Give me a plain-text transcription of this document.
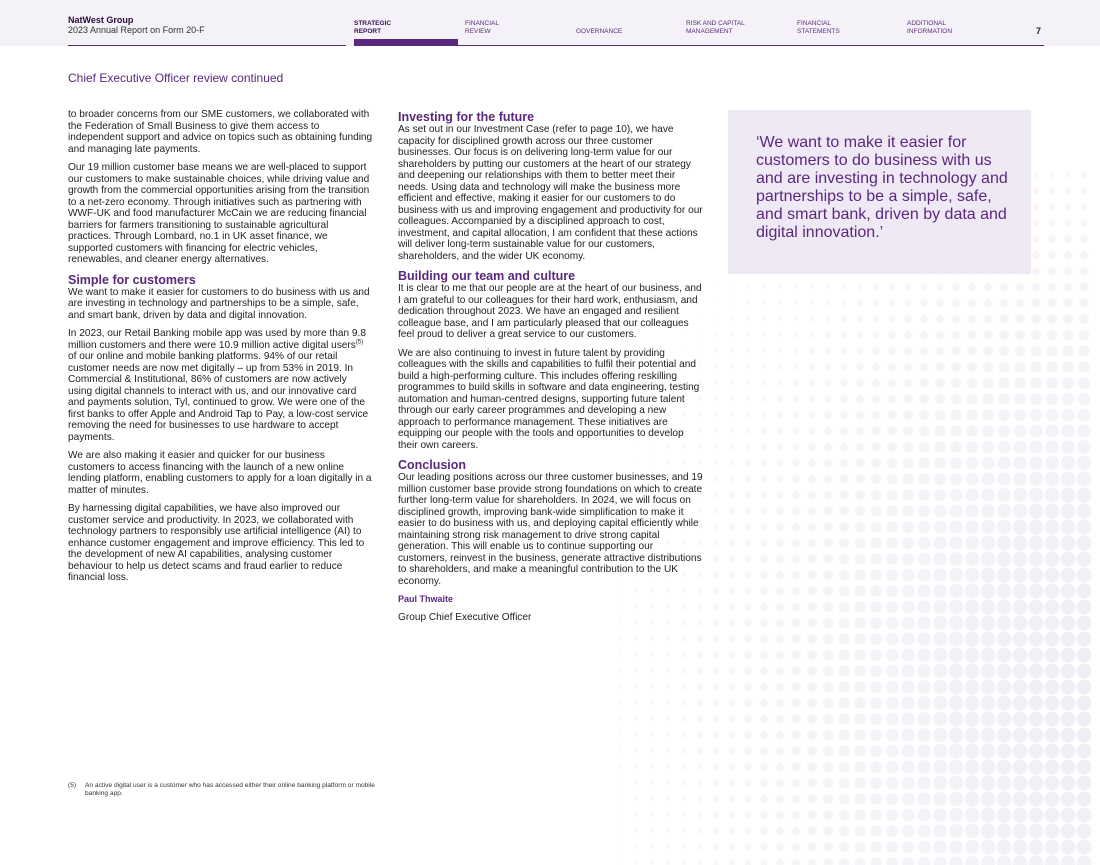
NatWest Group
2023 Annual Report on Form 20-F
STRATEGIC
REPORT
FINANCIAL
REVIEW	GOVERNANCE
RISK AND CAPITAL
MANAGEMENT
FINANCIAL
STATEMENTS
ADDITIONAL
INFORMATION	7
Chief Executive Officer review continued

to broader concerns from our SME customers, we collaborated with the Federation of Small Business to give them access to independent support and advice on topics such as obtaining funding and managing late payments.

Our 19 million customer base means we are well-placed to support our customers to make sustainable choices, while driving value and growth from the commercial opportunities arising from the transition to a net-zero economy. Through initiatives such as partnering with WWF-UK and food manufacturer McCain we are reducing financial barriers for farmers transitioning to sustainable agricultural practices. Through Lombard, no.1 in UK asset finance, we supported customers with financing for electric vehicles, renewables, and cleaner energy alternatives.

Simple for customers

We want to make it easier for customers to do business with us and are investing in technology and partnerships to be a simple, safe, and smart bank, driven by data and digital innovation.

In 2023, our Retail Banking mobile app was used by more than 9.8 million customers and there were 10.9 million active digital users$^{(5)}$ of our online and mobile banking platforms. 94% of our retail customer needs are now met digitally – up from 53% in 2019. In Commercial & Institutional, 86% of customers are now actively using digital channels to interact with us, and our innovative card and payments solution, Tyl, continued to grow. We were one of the first banks to offer Apple and Android Tap to Pay, a low-cost service removing the need for businesses to use hardware to accept payments.

We are also making it easier and quicker for our business customers to access financing with the launch of a new online lending platform, enabling customers to apply for a loan digitally in a matter of minutes.

By harnessing digital capabilities, we have also improved our customer service and productivity. In 2023, we collaborated with technology partners to responsibly use artificial intelligence (AI) to enhance customer engagement and improve efficiency. This led to the development of new AI capabilities, analysing customer behaviour to help us detect scams and fraud earlier to reduce financial loss.

Investing for the future

As set out in our Investment Case (refer to page 10), we have capacity for disciplined growth across our three customer businesses. Our focus is on delivering long-term value for our shareholders by putting our customers at the heart of our strategy and deepening our relationships with them to better meet their needs. Using data and technology will make the business more efficient and effective, making it easier for our customers to do business with us and improving engagement and productivity for our colleagues. Accompanied by a disciplined approach to cost, investment, and capital allocation, I am confident that these actions will deliver long-term sustainable value for our customers, shareholders, and the wider UK economy.

Building our team and culture

It is clear to me that our people are at the heart of our business, and I am grateful to our colleagues for their hard work, enthusiasm, and dedication throughout 2023. We have an engaged and resilient colleague base, and I am particularly pleased that our colleagues feel proud to deliver a great service to our customers.

We are also continuing to invest in future talent by providing colleagues with the skills and capabilities to fulfil their potential and build a high-performing culture. This includes offering reskilling programmes to build skills in software and data engineering, testing automation and human-centred designs, supporting future talent through our early career programmes and developing a new approach to performance management. These initiatives are equipping our people with the tools and opportunities to develop their own careers.

Conclusion

Our leading positions across our three customer businesses, and 19 million customer base provide strong foundations on which to create further long-term value for shareholders. In 2024, we will focus on disciplined growth, improving bank-wide simplification to make it easier to do business with us, and deploying capital efficiently while maintaining strong risk management to drive strong capital generation. This will enable us to continue supporting our customers, reinvest in the business, generate attractive distributions to shareholders, and make a meaningful contribution to the UK economy.

Paul Thwaite

Group Chief Executive Officer

‘We want to make it easier for customers to do business with us and are investing in technology and partnerships to be a simple, safe, and smart bank, driven by data and digital innovation.’
(5)	An active digital user is a customer who has accessed either their online banking platform or mobile banking app.
